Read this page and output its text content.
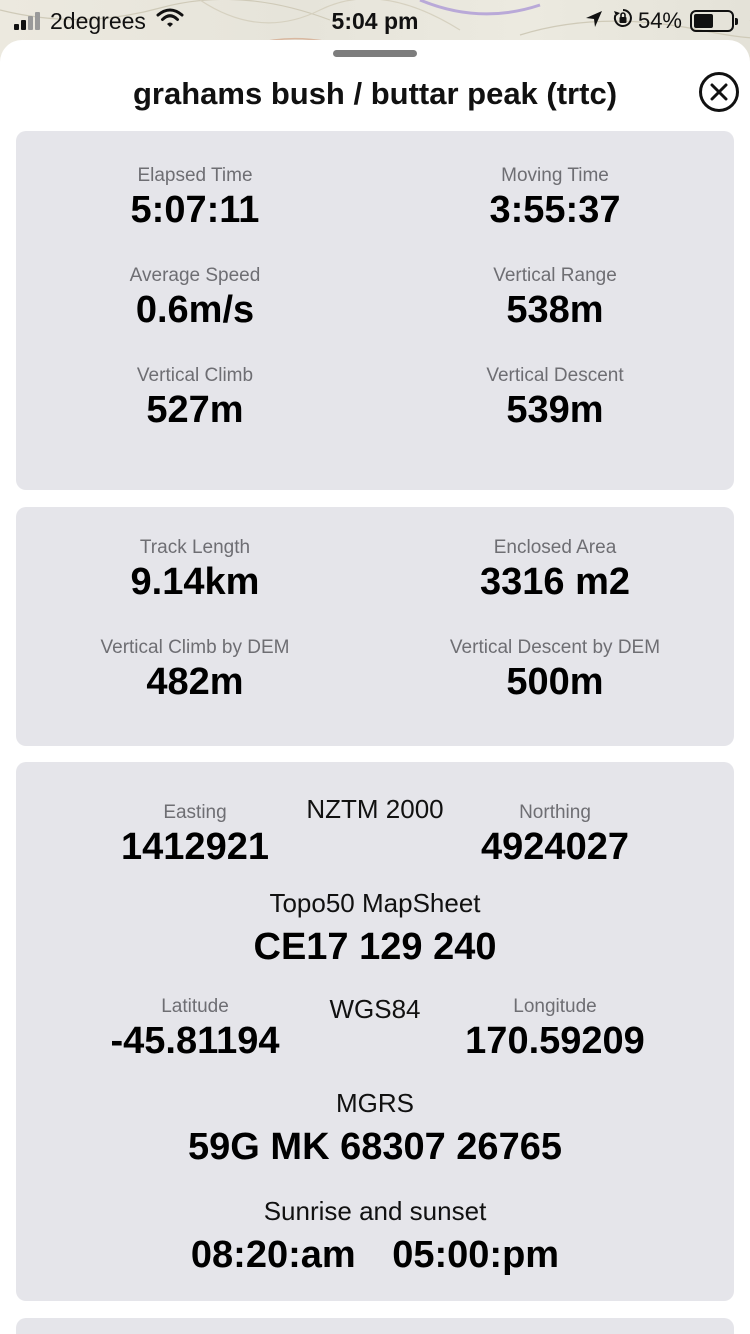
2degrees	5:04 pm	54%
grahams bush / buttar peak (trtc)
Elapsed Time
5:07:11
Moving Time
3:55:37
Average Speed
0.6m/s
Vertical Range
538m
Vertical Climb
527m
Vertical Descent
539m
Track Length
9.14km
Enclosed Area
3316 m2
Vertical Climb by DEM
482m
Vertical Descent by DEM
500m
NZTM 2000
Easting
1412921
Northing
4924027
Topo50 MapSheet
CE17 129 240
WGS84
Latitude
-45.81194
Longitude
170.59209
MGRS
59G MK 68307 26765
Sunrise and sunset
08:20:am 05:00:pm
